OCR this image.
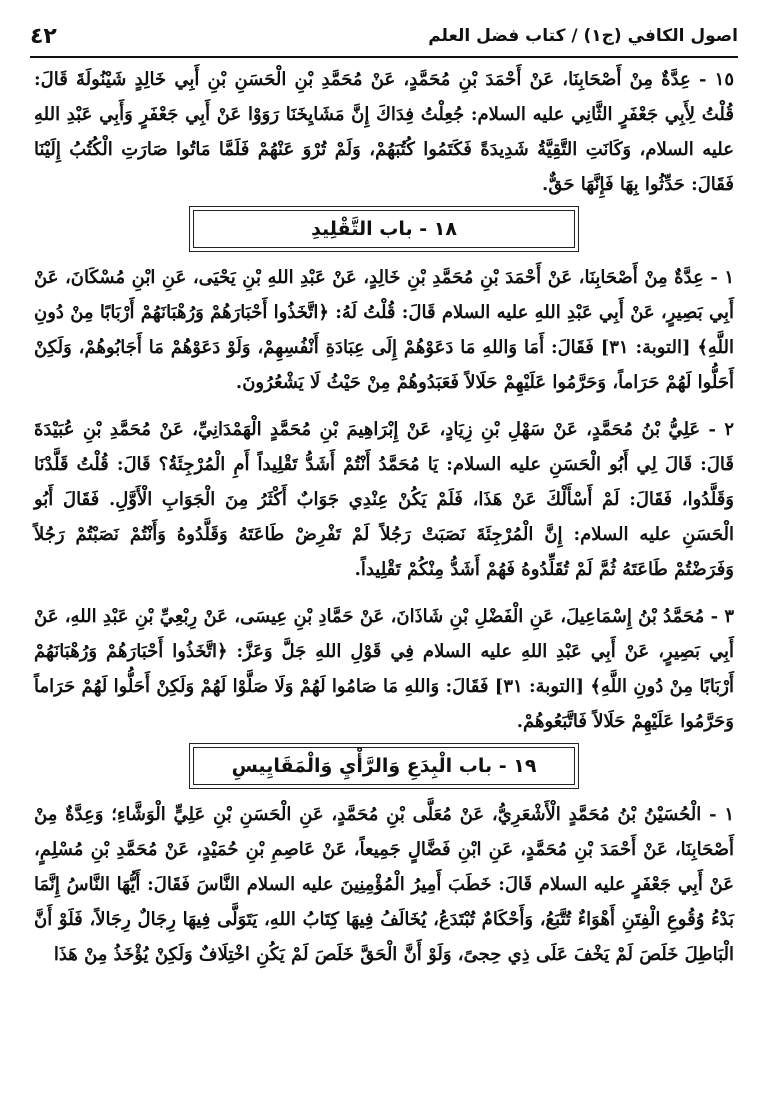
اصول الكافي (ج١) / كتاب فضل العلم
٤٢

١٥ - عِدَّةٌ مِنْ أَصْحَابِنَا، عَنْ أَحْمَدَ بْنِ مُحَمَّدٍ، عَنْ مُحَمَّدِ بْنِ الْحَسَنِ بْنِ أَبِي خَالِدٍ شَيْنُولَةَ قَالَ: قُلْتُ لِأَبِي جَعْفَرٍ الثَّانِي عليه السلام: جُعِلْتُ فِدَاكَ إِنَّ مَشَايِخَنَا رَوَوْا عَنْ أَبِي جَعْفَرٍ وَأَبِي عَبْدِ اللهِ عليه السلام، وَكَانَتِ التَّقِيَّةُ شَدِيدَةً فَكَتَمُوا كُتُبَهُمْ، وَلَمْ تُرْوَ عَنْهُمْ فَلَمَّا مَاتُوا صَارَتِ الْكُتُبُ إِلَيْنَا فَقَالَ: حَدِّثُوا بِهَا فَإِنَّهَا حَقٌّ.

١٨ - باب التَّقْلِيدِ

١ - عِدَّةٌ مِنْ أَصْحَابِنَا، عَنْ أَحْمَدَ بْنِ مُحَمَّدِ بْنِ خَالِدٍ، عَنْ عَبْدِ اللهِ بْنِ يَحْيَى، عَنِ ابْنِ مُسْكَانَ، عَنْ أَبِي بَصِيرٍ، عَنْ أَبِي عَبْدِ اللهِ عليه السلام قَالَ: قُلْتُ لَهُ: ﴿اتَّخَذُوا أَحْبَارَهُمْ وَرُهْبَانَهُمْ أَرْبَابًا مِنْ دُونِ اللَّهِ﴾ [التوبة: ٣١] فَقَالَ: أَمَا وَاللهِ مَا دَعَوْهُمْ إِلَى عِبَادَةِ أَنْفُسِهِمْ، وَلَوْ دَعَوْهُمْ مَا أَجَابُوهُمْ، وَلَكِنْ أَحَلُّوا لَهُمْ حَرَاماً، وَحَرَّمُوا عَلَيْهِمْ حَلَالاً فَعَبَدُوهُمْ مِنْ حَيْثُ لَا يَشْعُرُونَ.

٢ - عَلِيُّ بْنُ مُحَمَّدٍ، عَنْ سَهْلِ بْنِ زِيَادٍ، عَنْ إِبْرَاهِيمَ بْنِ مُحَمَّدٍ الْهَمْدَانِيِّ، عَنْ مُحَمَّدِ بْنِ عُبَيْدَةَ قَالَ: قَالَ لِي أَبُو الْحَسَنِ عليه السلام: يَا مُحَمَّدُ أَنْتُمْ أَشَدُّ تَقْلِيداً أَمِ الْمُرْجِئَةُ؟ قَالَ: قُلْتُ قَلَّدْنَا وَقَلَّدُوا، فَقَالَ: لَمْ أَسْأَلْكَ عَنْ هَذَا، فَلَمْ يَكُنْ عِنْدِي جَوَابٌ أَكْثَرُ مِنَ الْجَوَابِ الْأَوَّلِ. فَقَالَ أَبُو الْحَسَنِ عليه السلام: إِنَّ الْمُرْجِئَةَ نَصَبَتْ رَجُلاً لَمْ تَفْرِضْ طَاعَتَهُ وَقَلَّدُوهُ وَأَنْتُمْ نَصَبْتُمْ رَجُلاً وَفَرَضْتُمْ طَاعَتَهُ ثُمَّ لَمْ تُقَلِّدُوهُ فَهُمْ أَشَدُّ مِنْكُمْ تَقْلِيداً.

٣ - مُحَمَّدُ بْنُ إِسْمَاعِيلَ، عَنِ الْفَضْلِ بْنِ شَاذَانَ، عَنْ حَمَّادِ بْنِ عِيسَى، عَنْ رِبْعِيِّ بْنِ عَبْدِ اللهِ، عَنْ أَبِي بَصِيرٍ، عَنْ أَبِي عَبْدِ اللهِ عليه السلام فِي قَوْلِ اللهِ جَلَّ وَعَزَّ: ﴿اتَّخَذُوا أَحْبَارَهُمْ وَرُهْبَانَهُمْ أَرْبَابًا مِنْ دُونِ اللَّهِ﴾ [التوبة: ٣١] فَقَالَ: وَاللهِ مَا صَامُوا لَهُمْ وَلَا صَلَّوْا لَهُمْ وَلَكِنْ أَحَلُّوا لَهُمْ حَرَاماً وَحَرَّمُوا عَلَيْهِمْ حَلَالاً فَاتَّبَعُوهُمْ.

١٩ - باب الْبِدَعِ وَالرَّأْيِ وَالْمَقَايِيسِ

١ - الْحُسَيْنُ بْنُ مُحَمَّدٍ الْأَشْعَرِيُّ، عَنْ مُعَلَّى بْنِ مُحَمَّدٍ، عَنِ الْحَسَنِ بْنِ عَلِيٍّ الْوَشَّاءِ؛ وَعِدَّةٌ مِنْ أَصْحَابِنَا، عَنْ أَحْمَدَ بْنِ مُحَمَّدٍ، عَنِ ابْنِ فَضَّالٍ جَمِيعاً، عَنْ عَاصِمِ بْنِ حُمَيْدٍ، عَنْ مُحَمَّدِ بْنِ مُسْلِمٍ، عَنْ أَبِي جَعْفَرٍ عليه السلام قَالَ: خَطَبَ أَمِيرُ الْمُؤْمِنِينَ عليه السلام النَّاسَ فَقَالَ: أَيُّهَا النَّاسُ إِنَّمَا بَدْءُ وُقُوعِ الْفِتَنِ أَهْوَاءٌ تُتَّبَعُ، وَأَحْكَامٌ تُبْتَدَعُ، يُخَالَفُ فِيهَا كِتَابُ اللهِ، يَتَوَلَّى فِيهَا رِجَالٌ رِجَالاً، فَلَوْ أَنَّ الْبَاطِلَ خَلَصَ لَمْ يَخْفَ عَلَى ذِي حِجىً، وَلَوْ أَنَّ الْحَقَّ خَلَصَ لَمْ يَكُنِ اخْتِلَافٌ وَلَكِنْ يُؤْخَذُ مِنْ هَذَا
